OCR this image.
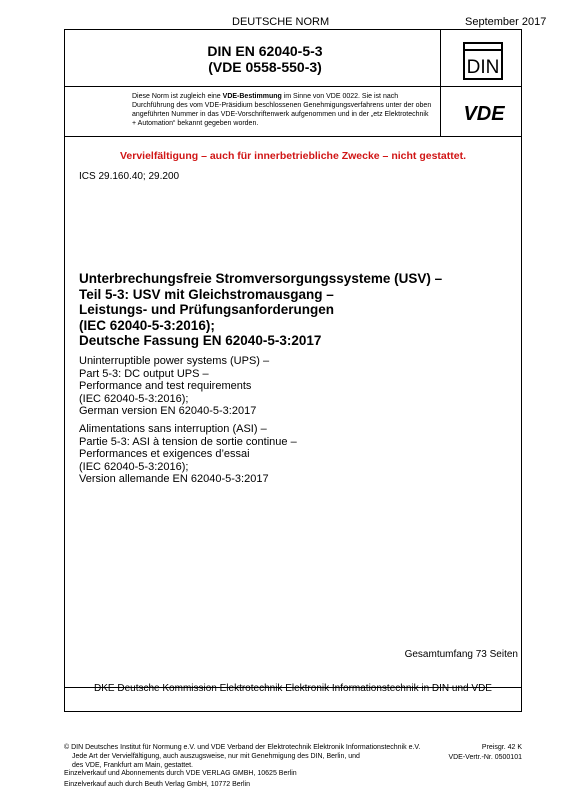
DEUTSCHE NORM	September 2017
DIN EN 62040-5-3
(VDE 0558-550-3)	DIN
Diese Norm ist zugleich eine VDE-Bestimmung im Sinne von VDE 0022. Sie ist nach Durchführung des vom VDE-Präsidium beschlossenen Genehmigungsverfahrens unter der oben angeführten Nummer in das VDE-Vorschriftenwerk aufgenommen und in der „etz Elektrotechnik + Automation“ bekannt gegeben worden.	VDE
Vervielfältigung – auch für innerbetriebliche Zwecke – nicht gestattet.
ICS 29.160.40; 29.200
Unterbrechungsfreie Stromversorgungssysteme (USV) –
Teil 5-3: USV mit Gleichstromausgang –
Leistungs- und Prüfungsanforderungen
(IEC 62040-5-3:2016);
Deutsche Fassung EN 62040-5-3:2017
Uninterruptible power systems (UPS) –
Part 5-3: DC output UPS –
Performance and test requirements
(IEC 62040-5-3:2016);
German version EN 62040-5-3:2017
Alimentations sans interruption (ASI) –
Partie 5-3: ASI à tension de sortie continue –
Performances et exigences d’essai
(IEC 62040-5-3:2016);
Version allemande EN 62040-5-3:2017
Gesamtumfang 73 Seiten
DKE Deutsche Kommission Elektrotechnik Elektronik Informationstechnik in DIN und VDE
© DIN Deutsches Institut für Normung e.V. und VDE Verband der Elektrotechnik Elektronik Informationstechnik e.V.
Jede Art der Vervielfältigung, auch auszugsweise, nur mit Genehmigung des DIN, Berlin, und
des VDE, Frankfurt am Main, gestattet.
Preisgr. 42 K
VDE-Vertr.-Nr. 0500101
Einzelverkauf und Abonnements durch VDE VERLAG GMBH, 10625 Berlin
Einzelverkauf auch durch Beuth Verlag GmbH, 10772 Berlin
